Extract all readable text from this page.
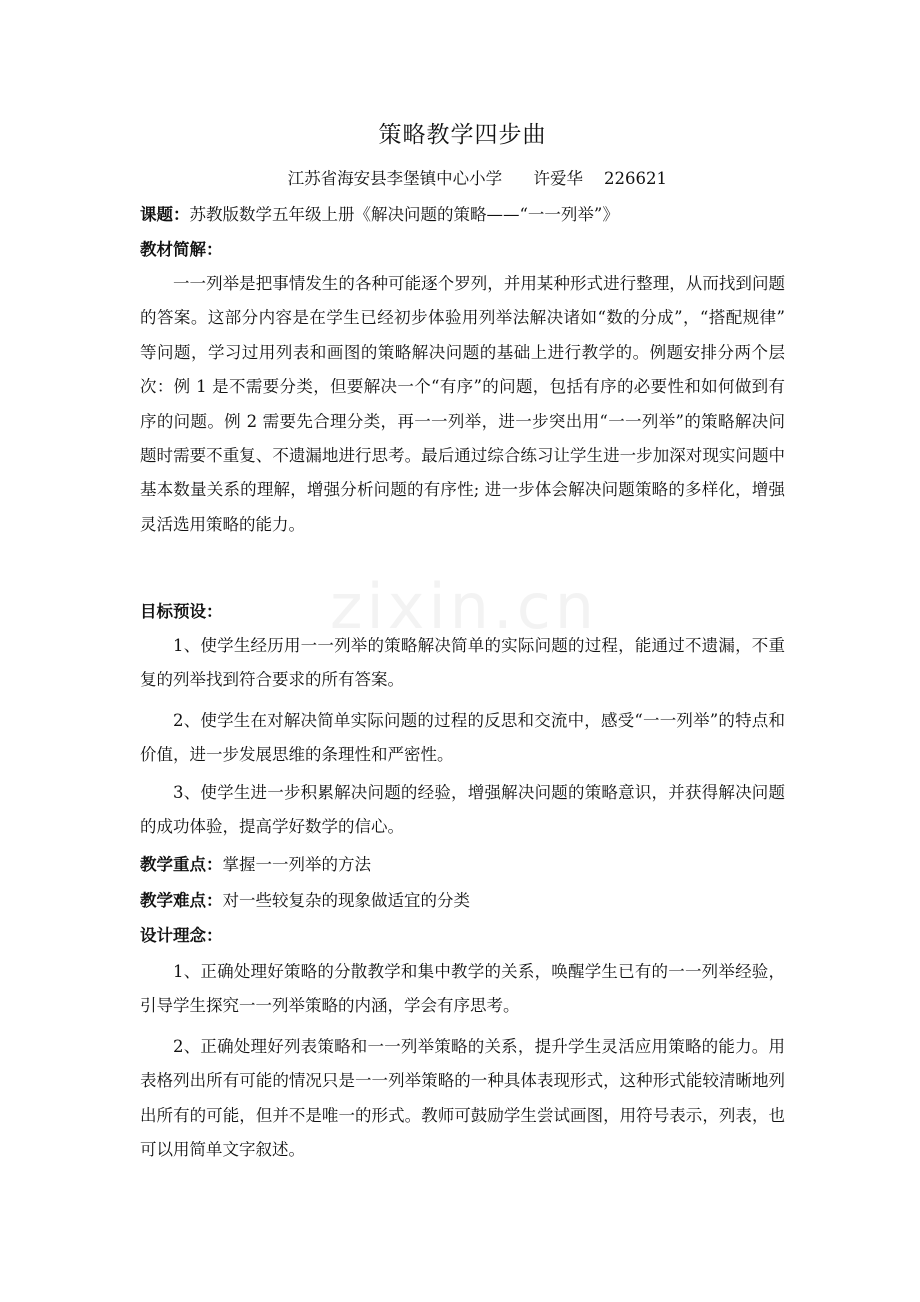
策略教学四步曲
江苏省海安县李堡镇中心小学      许爱华    226621
课题：苏教版数学五年级上册《解决问题的策略——“一一列举”》
教材简解：
一一列举是把事情发生的各种可能逐个罗列，并用某种形式进行整理，从而找到问题的答案。这部分内容是在学生已经初步体验用列举法解决诸如“数的分成”，“搭配规律” 等问题，学习过用列表和画图的策略解决问题的基础上进行教学的。例题安排分两个层次：例 1 是不需要分类，但要解决一个“有序”的问题，包括有序的必要性和如何做到有序的问题。例 2 需要先合理分类，再一一列举，进一步突出用“一一列举”的策略解决问题时需要不重复、不遗漏地进行思考。最后通过综合练习让学生进一步加深对现实问题中基本数量关系的理解，增强分析问题的有序性; 进一步体会解决问题策略的多样化，增强灵活选用策略的能力。
目标预设：
1、使学生经历用一一列举的策略解决简单的实际问题的过程，能通过不遗漏，不重复的列举找到符合要求的所有答案。
2、使学生在对解决简单实际问题的过程的反思和交流中，感受“一一列举”的特点和价值，进一步发展思维的条理性和严密性。
3、使学生进一步积累解决问题的经验，增强解决问题的策略意识，并获得解决问题的成功体验，提高学好数学的信心。
教学重点：掌握一一列举的方法
教学难点：对一些较复杂的现象做适宜的分类
设计理念：
1、正确处理好策略的分散教学和集中教学的关系，唤醒学生已有的一一列举经验，引导学生探究一一列举策略的内涵，学会有序思考。
2、正确处理好列表策略和一一列举策略的关系，提升学生灵活应用策略的能力。用表格列出所有可能的情况只是一一列举策略的一种具体表现形式，这种形式能较清晰地列出所有的可能，但并不是唯一的形式。教师可鼓励学生尝试画图，用符号表示，列表，也可以用简单文字叙述。
zixin.cn
